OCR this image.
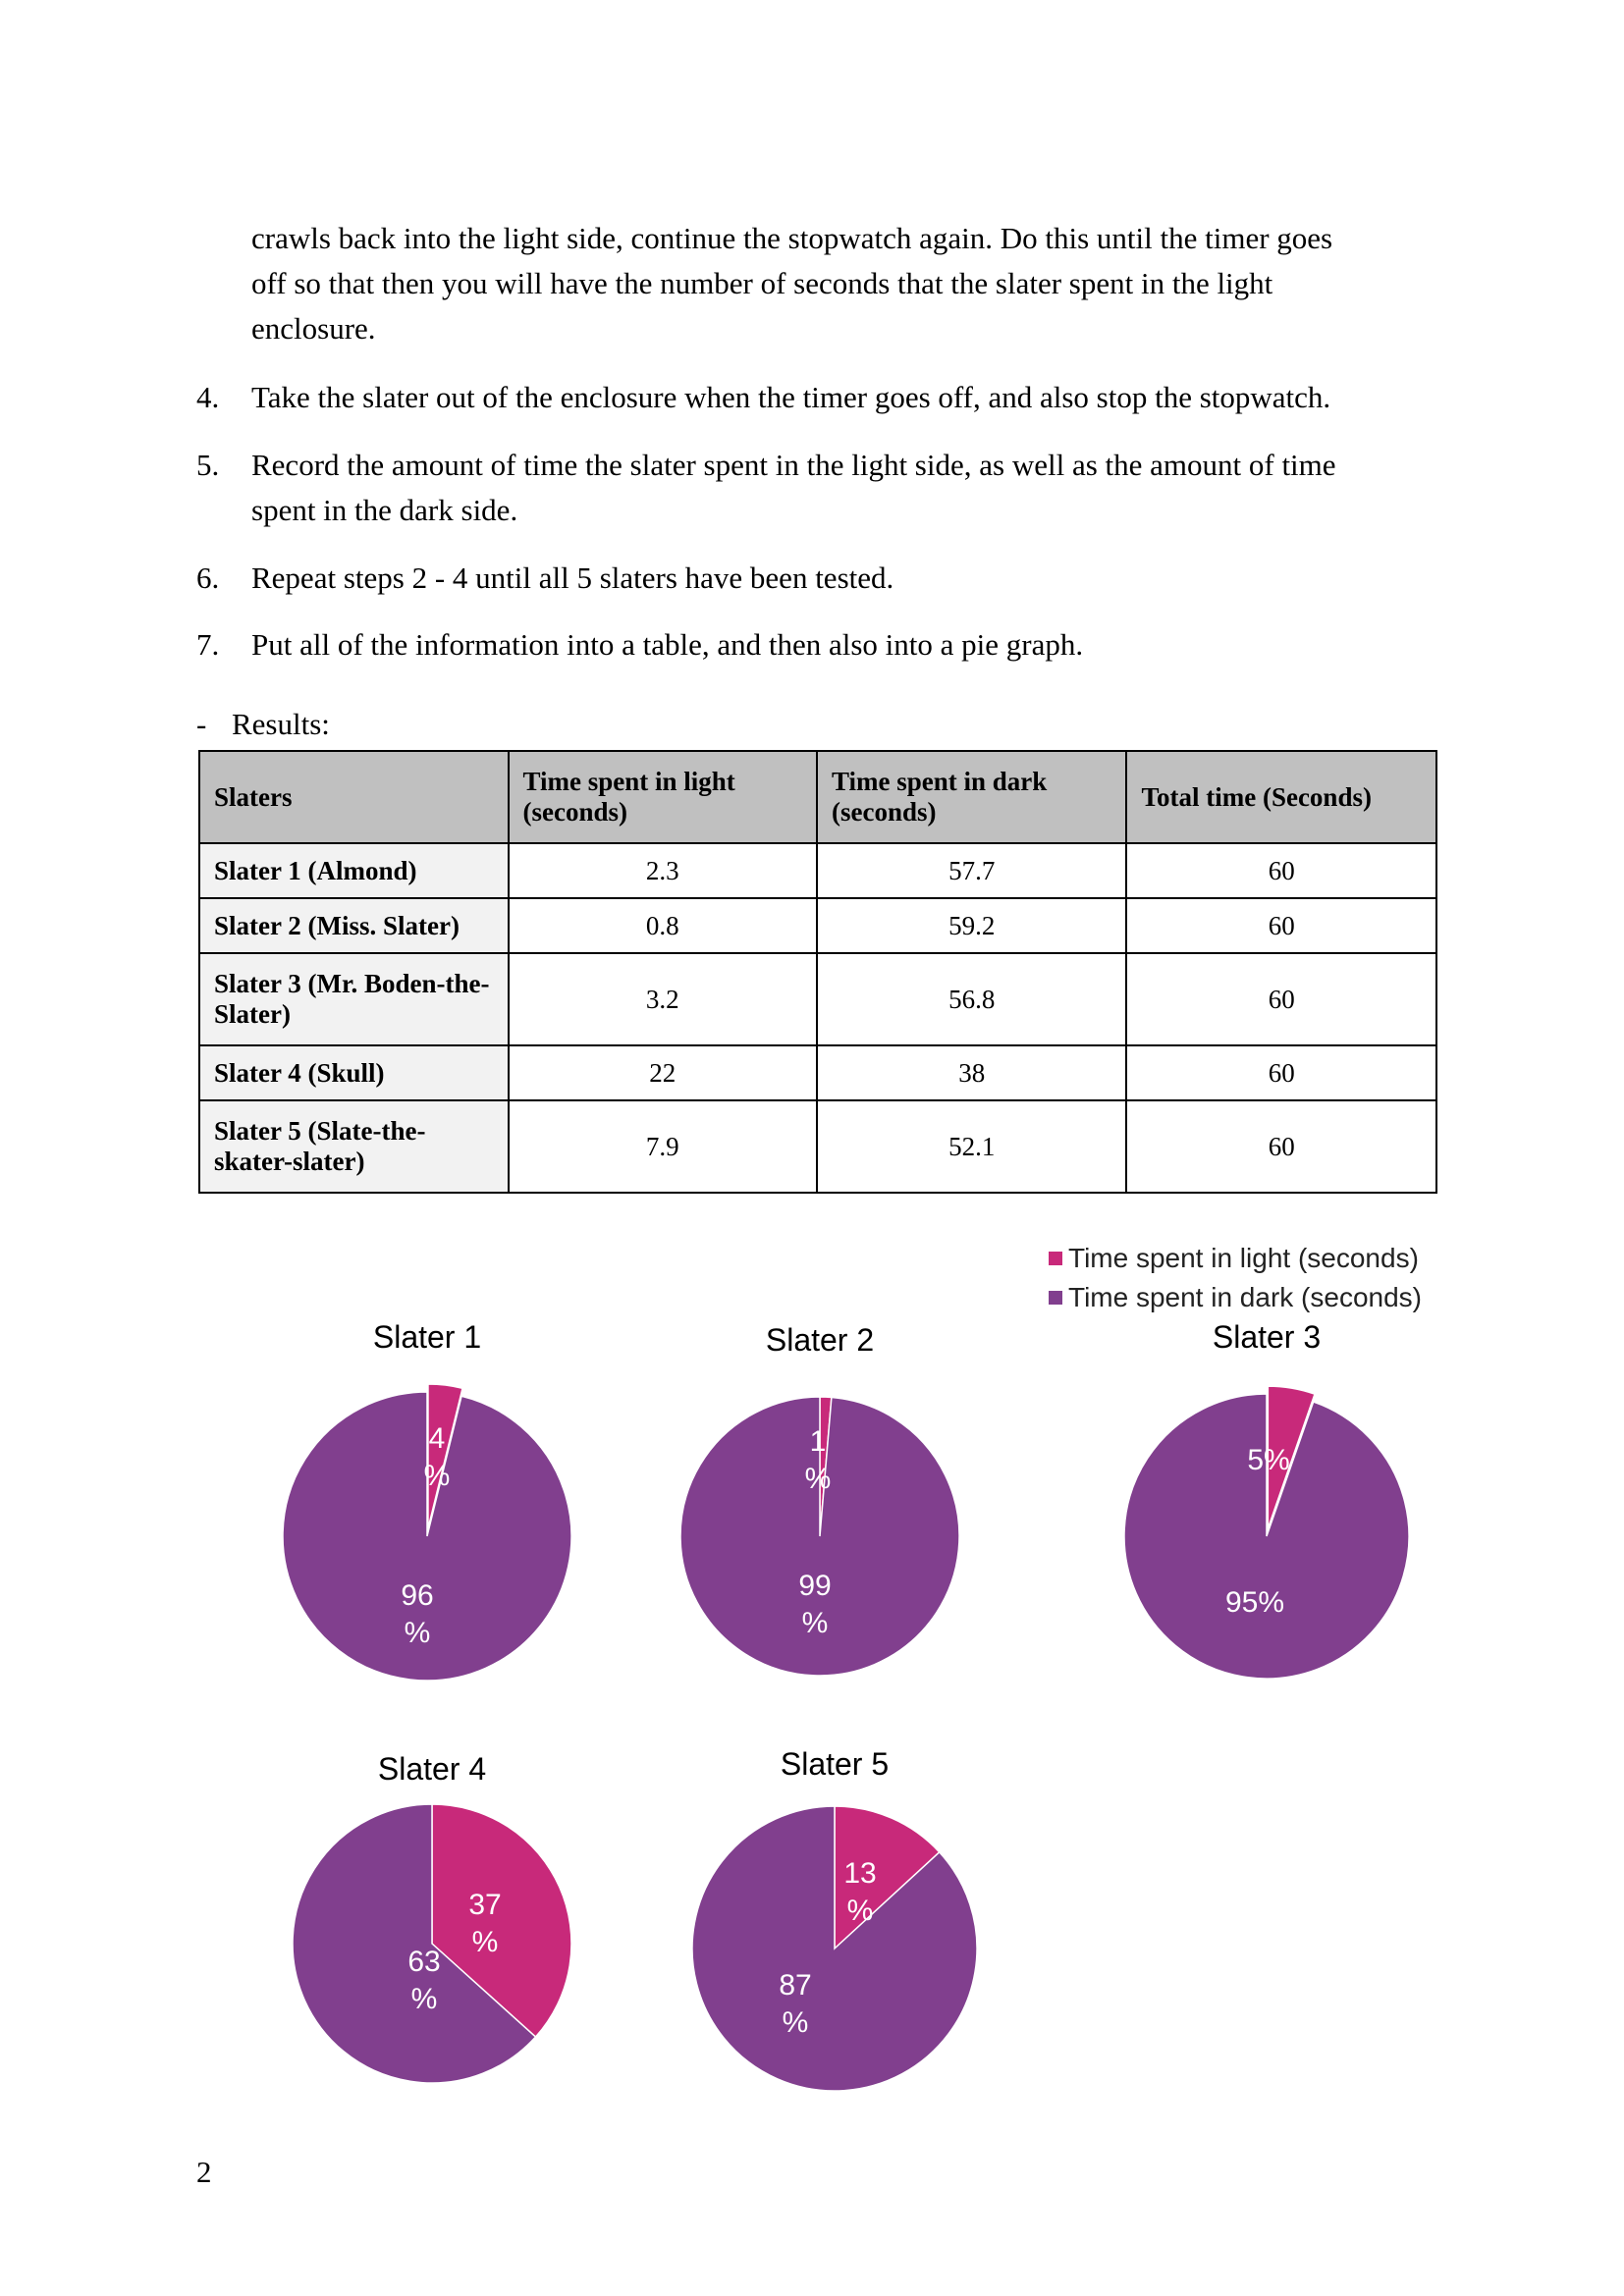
crawls back into the light side, continue the stopwatch again. Do this until the timer goes
off so that then you will have the number of seconds that the slater spent in the light
enclosure.
4. Take the slater out of the enclosure when the timer goes off, and also stop the stopwatch.
5. Record the amount of time the slater spent in the light side, as well as the amount of time
spent in the dark side.
6. Repeat steps 2 - 4 until all 5 slaters have been tested.
7. Put all of the information into a table, and then also into a pie graph.
- Results:
Slaters	Time spent in light (seconds)	Time spent in dark (seconds)	Total time (Seconds)
Slater 1 (Almond)	2.3	57.7	60
Slater 2 (Miss. Slater)	0.8	59.2	60
Slater 3 (Mr. Boden-the-Slater)	3.2	56.8	60
Slater 4 (Skull)	22	38	60
Slater 5 (Slate-the-skater-slater)	7.9	52.1	60
Time spent in light (seconds)
Time spent in dark (seconds)
Slater 1
4 %
96 %
Slater 2
1 %
99 %
Slater 3
5%
95%
Slater 4
37 %
63 %
Slater 5
13 %
87 %
2
